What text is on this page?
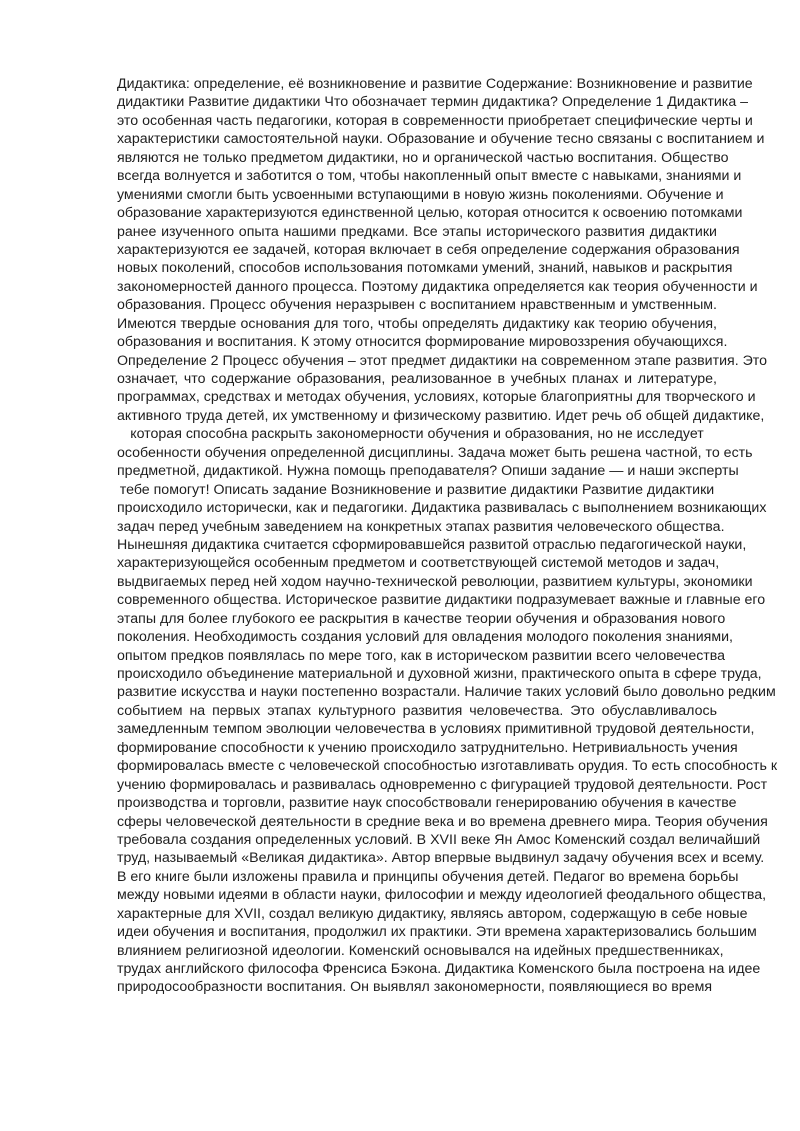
Дидактика: определение, её возникновение и развитие Содержание: Возникновение и развитие
дидактики Развитие дидактики Что обозначает термин дидактика? Определение 1 Дидактика –
это особенная часть педагогики, которая в современности приобретает специфические черты и
характеристики самостоятельной науки. Образование и обучение тесно связаны с воспитанием и
являются не только предметом дидактики, но и органической частью воспитания. Общество
всегда волнуется и заботится о том, чтобы накопленный опыт вместе с навыками, знаниями и
умениями смогли быть усвоенными вступающими в новую жизнь поколениями. Обучение и
образование характеризуются единственной целью, которая относится к освоению потомками
ранее изученного опыта нашими предками. Все этапы исторического развития дидактики
характеризуются ее задачей, которая включает в себя определение содержания образования
новых поколений, способов использования потомками умений, знаний, навыков и раскрытия
закономерностей данного процесса. Поэтому дидактика определяется как теория обученности и
образования. Процесс обучения неразрывен с воспитанием нравственным и умственным.
Имеются твердые основания для того, чтобы определять дидактику как теорию обучения,
образования и воспитания. К этому относится формирование мировоззрения обучающихся.
Определение 2 Процесс обучения – этот предмет дидактики на современном этапе развития. Это
означает, что содержание образования, реализованное в учебных планах и литературе,
программах, средствах и методах обучения, условиях, которые благоприятны для творческого и
активного труда детей, их умственному и физическому развитию. Идет речь об общей дидактике,
которая способна раскрыть закономерности обучения и образования, но не исследует
особенности обучения определенной дисциплины. Задача может быть решена частной, то есть
предметной, дидактикой. Нужна помощь преподавателя? Опиши задание — и наши эксперты
тебе помогут! Описать задание Возникновение и развитие дидактики Развитие дидактики
происходило исторически, как и педагогики. Дидактика развивалась с выполнением возникающих
задач перед учебным заведением на конкретных этапах развития человеческого общества.
Нынешняя дидактика считается сформировавшейся развитой отраслью педагогической науки,
характеризующейся особенным предметом и соответствующей системой методов и задач,
выдвигаемых перед ней ходом научно-технической революции, развитием культуры, экономики
современного общества. Историческое развитие дидактики подразумевает важные и главные его
этапы для более глубокого ее раскрытия в качестве теории обучения и образования нового
поколения. Необходимость создания условий для овладения молодого поколения знаниями,
опытом предков появлялась по мере того, как в историческом развитии всего человечества
происходило объединение материальной и духовной жизни, практического опыта в сфере труда,
развитие искусства и науки постепенно возрастали. Наличие таких условий было довольно редким
событием на первых этапах культурного развития человечества. Это обуславливалось
замедленным темпом эволюции человечества в условиях примитивной трудовой деятельности,
формирование способности к учению происходило затруднительно. Нетривиальность учения
формировалась вместе с человеческой способностью изготавливать орудия. То есть способность к
учению формировалась и развивалась одновременно с фигурацией трудовой деятельности. Рост
производства и торговли, развитие наук способствовали генерированию обучения в качестве
сферы человеческой деятельности в средние века и во времена древнего мира. Теория обучения
требовала создания определенных условий. В XVII веке Ян Амос Коменский создал величайший
труд, называемый «Великая дидактика». Автор впервые выдвинул задачу обучения всех и всему.
В его книге были изложены правила и принципы обучения детей. Педагог во времена борьбы
между новыми идеями в области науки, философии и между идеологией феодального общества,
характерные для XVII, создал великую дидактику, являясь автором, содержащую в себе новые
идеи обучения и воспитания, продолжил их практики. Эти времена характеризовались большим
влиянием религиозной идеологии. Коменский основывался на идейных предшественниках,
трудах английского философа Френсиса Бэкона. Дидактика Коменского была построена на идее
природосообразности воспитания. Он выявлял закономерности, появляющиеся во время
